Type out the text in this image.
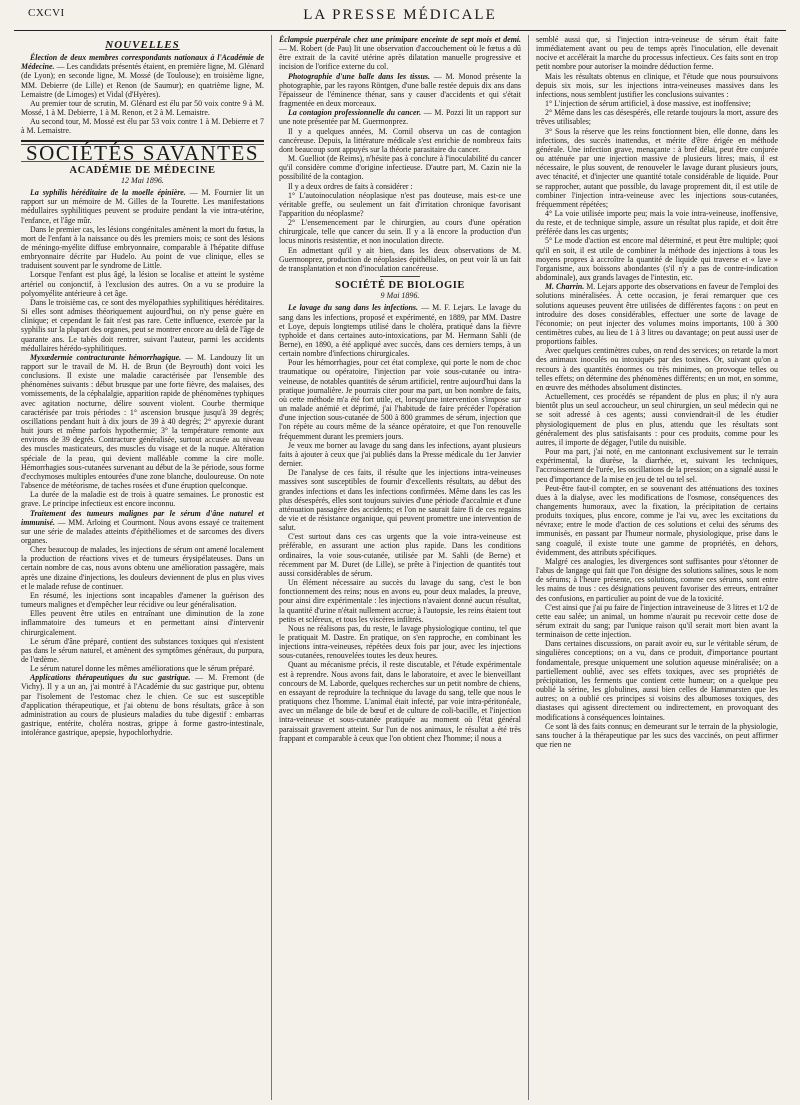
CXCVI	LA PRESSE MÉDICALE
NOUVELLES

Élection de deux membres correspondants nationaux à l'Académie de Médecine. — Les candidats présentés étaient, en première ligne, M. Glénard (de Lyon); en seconde ligne, M. Mossé (de Toulouse); en troisième ligne, MM. Debierre (de Lille) et Renon (de Saumur); en quatrième ligne, M. Lemaistre (de Limoges) et Vidal (d'Hyères).

Au premier tour de scrutin, M. Glénard est élu par 50 voix contre 9 à M. Mossé, 1 à M. Debierre, 1 à M. Renon, et 2 à M. Lemaistre.

Au second tour, M. Mossé est élu par 53 voix contre 1 à M. Debierre et 7 à M. Lemaistre.

SOCIÉTÉS SAVANTES
ACADÉMIE DE MÉDECINE
12 Mai 1896.

La syphilis héréditaire de la moelle épinière. — M. Fournier lit un rapport sur un mémoire de M. Gilles de la Tourette. Les manifestations médullaires syphilitiques peuvent se produire pendant la vie intra-utérine, l'enfance, et l'âge mûr.

Dans le premier cas, les lésions congénitales amènent la mort du fœtus, la mort de l'enfant à la naissance ou dès les premiers mois; ce sont des lésions de méningo-myélite diffuse embryonnaire, comparable à l'hépatite diffuse embryonnaire décrite par Hudelo. Au point de vue clinique, elles se traduisent souvent par le syndrome de Little.

Lorsque l'enfant est plus âgé, la lésion se localise et atteint le système artériel ou conjonctif, à l'exclusion des autres. On a vu se produire la polyomyélite antérieure à cet âge.

Dans le troisième cas, ce sont des myélopathies syphilitiques héréditaires. Si elles sont admises théoriquement aujourd'hui, on n'y pense guère en clinique; et cependant le fait n'est pas rare. Cette influence, exercée par la syphilis sur la plupart des organes, peut se montrer encore au delà de l'âge de quarante ans. Le tabès doit rentrer, suivant l'auteur, parmi les accidents médullaires hérédo-syphilitiques.

Myxœdermie contracturante hémorrhagique. — M. Landouzy lit un rapport sur le travail de M. H. de Brun (de Beyrouth) dont voici les conclusions. Il existe une maladie caractérisée par l'ensemble des phénomènes suivants : début brusque par une forte fièvre, des malaises, des vomissements, de la céphalalgie, apparition rapide de phénomènes typhiques avec agitation nocturne, délire souvent violent. Courbe thermique caractérisée par trois périodes : 1° ascension brusque jusqu'à 39 degrés; oscillations pendant huit à dix jours de 39 à 40 degrés; 2° apyrexie durant huit jours et même parfois hypothermie; 3° la température remonte aux environs de 39 degrés. Contracture généralisée, surtout accusée au niveau des muscles masticateurs, des muscles du visage et de la nuque. Altération spéciale de la peau, qui devient malléable comme la cire molle. Hémorrhagies sous-cutanées survenant au début de la 3e période, sous forme d'ecchymoses multiples entourées d'une zone blanche, douloureuse. On note l'absence de météorisme, de taches rosées et d'une éruption quelconque.

La durée de la maladie est de trois à quatre semaines. Le pronostic est grave. Le principe infectieux est encore inconnu.

Traitement des tumeurs malignes par le sérum d'âne naturel et immunisé. — MM. Arloing et Courmont. Nous avons essayé ce traitement sur une série de malades atteints d'épithéliomes et de sarcomes des divers organes.

Chez beaucoup de malades, les injections de sérum ont amené localement la production de réactions vives et de tumeurs érysipélateuses. Dans un certain nombre de cas, nous avons obtenu une amélioration passagère, mais après une dizaine d'injections, les douleurs deviennent de plus en plus vives et le malade refuse de continuer.

En résumé, les injections sont incapables d'amener la guérison des tumeurs malignes et d'empêcher leur récidive ou leur généralisation.

Elles peuvent être utiles en entraînant une diminution de la zone inflammatoire des tumeurs et en permettant ainsi d'intervenir chirurgicalement.

Le sérum d'âne préparé, contient des substances toxiques qui n'existent pas dans le sérum naturel, et amènent des symptômes généraux, du purpura, de l'œdème.

Le sérum naturel donne les mêmes améliorations que le sérum préparé.

Applications thérapeutiques du suc gastrique. — M. Fremont (de Vichy). Il y a un an, j'ai montré à l'Académie du suc gastrique pur, obtenu par l'isolement de l'estomac chez le chien. Ce suc est susceptible d'application thérapeutique, et j'ai obtenu de bons résultats, grâce à son administration au cours de plusieurs maladies du tube digestif : embarras gastrique, entérite, choléra nostras, grippe à forme gastro-intestinale, intolérance gastrique, apepsie, hypochlorhydrie.

Éclampsie puerpérale chez une primipare enceinte de sept mois et demi. — M. Robert (de Pau) lit une observation d'accouchement où le fœtus a dû être extrait de la cavité utérine après dilatation manuelle progressive et incision de l'orifice externe du col.

Photographie d'une balle dans les tissus. — M. Monod présente la photographie, par les rayons Röntgen, d'une balle restée depuis dix ans dans l'épaisseur de l'éminence thénar, sans y causer d'accidents et qui s'était fragmentée en deux morceaux.

La contagion professionnelle du cancer. — M. Pozzi lit un rapport sur une note présentée par M. Guermonprez.

Il y a quelques années, M. Cornil observa un cas de contagion cancéreuse. Depuis, la littérature médicale s'est enrichie de nombreux faits dont beaucoup sont appuyés sur la théorie parasitaire du cancer.

M. Guelliot (de Reims), n'hésite pas à conclure à l'inoculabilité du cancer qu'il considère comme d'origine infectieuse. D'autre part, M. Cazin nie la possibilité de la contagion.

Il y a deux ordres de faits à considérer :

1° L'autoinoculation néoplasique n'est pas douteuse, mais est-ce une véritable greffe, ou seulement un fait d'irritation chronique favorisant l'apparition du néoplasme?

2° L'ensemencement par le chirurgien, au cours d'une opération chirurgicale, telle que cancer du sein. Il y a là encore la production d'un locus minoris resistentiæ, et non inoculation directe.

En admettant qu'il y ait bien, dans les deux observations de M. Guermonprez, production de néoplasies épithéliales, on peut voir là un fait de transplantation et non d'inoculation cancéreuse.

SOCIÉTÉ DE BIOLOGIE
9 Mai 1896.

Le lavage du sang dans les infections. — M. F. Lejars. Le lavage du sang dans les infections, proposé et expérimenté, en 1889, par MM. Dastre et Loye, depuis longtemps utilisé dans le choléra, pratiqué dans la fièvre typhoïde et dans certaines auto-intoxications, par M. Hermann Sahli (de Berne), en 1890, a été appliqué avec succès, dans ces derniers temps, à un certain nombre d'infections chirurgicales.

Pour les hémorrhagies, pour cet état complexe, qui porte le nom de choc traumatique ou opératoire, l'injection par voie sous-cutanée ou intra-veineuse, de notables quantités de sérum artificiel, rentre aujourd'hui dans la pratique journalière. Je pourrais citer pour ma part, un bon nombre de faits, où cette méthode m'a été fort utile, et, lorsqu'une intervention s'impose sur un malade anémié et déprimé, j'ai l'habitude de faire précéder l'opération d'une injection sous-cutanée de 500 à 800 grammes de sérum, injection que l'on répète au cours même de la séance opératoire, et que l'on renouvelle fréquemment durant les premiers jours.

Je veux me borner au lavage du sang dans les infections, ayant plusieurs faits à ajouter à ceux que j'ai publiés dans la Presse médicale du 1er Janvier dernier.

De l'analyse de ces faits, il résulte que les injections intra-veineuses massives sont susceptibles de fournir d'excellents résultats, au début des grandes infections et dans les infections confirmées. Même dans les cas les plus désespérés, elles sont toujours suivies d'une période d'accalmie et d'une atténuation passagère des accidents; et l'on ne saurait faire fi de ces regains de vie et de résistance organique, qui peuvent promettre une intervention de salut.

C'est surtout dans ces cas urgents que la voie intra-veineuse est préférable, en assurant une action plus rapide. Dans les conditions ordinaires, la voie sous-cutanée, utilisée par M. Sahli (de Berne) et récemment par M. Duret (de Lille), se prête à l'injection de quantités tout aussi considérables de sérum.

Un élément nécessaire au succès du lavage du sang, c'est le bon fonctionnement des reins; nous en avons eu, pour deux malades, la preuve, pour ainsi dire expérimentale : les injections n'avaient donné aucun résultat, la quantité d'urine n'était nullement accrue; à l'autopsie, les reins étaient tout petits et scléreux, et tous les viscères infiltrés.

Nous ne réalisons pas, du reste, le lavage physiologique continu, tel que le pratiquait M. Dastre. En pratique, on s'en rapproche, en combinant les injections intra-veineuses, répétées deux fois par jour, avec les injections sous-cutanées, renouvelées toutes les deux heures.

Quant au mécanisme précis, il reste discutable, et l'étude expérimentale est à reprendre. Nous avons fait, dans le laboratoire, et avec le bienveillant concours de M. Laborde, quelques recherches sur un petit nombre de chiens, en essayant de reproduire la technique du lavage du sang, telle que nous le pratiquons chez l'homme. L'animal était infecté, par voie intra-péritonéale, avec un mélange de bile de bœuf et de culture de coli-bacille, et l'injection intra-veineuse et sous-cutanée pratiquée au moment où l'état général paraissait gravement atteint. Sur l'un de nos animaux, le résultat a été très frappant et comparable à ceux que l'on obtient chez l'homme; il nous a

semblé aussi que, si l'injection intra-veineuse de sérum était faite immédiatement avant ou peu de temps après l'inoculation, elle devenait nocive et accélérait la marche du processus infectieux. Ces faits sont en trop petit nombre pour autoriser la moindre déduction ferme.

Mais les résultats obtenus en clinique, et l'étude que nous poursuivons depuis six mois, sur les injections intra-veineuses massives dans les infections, nous semblent justifier les conclusions suivantes :

1° L'injection de sérum artificiel, à dose massive, est inoffensive;

2° Même dans les cas désespérés, elle retarde toujours la mort, assure des trêves utilisables;

3° Sous la réserve que les reins fonctionnent bien, elle donne, dans les infections, des succès inattendus, et mérite d'être érigée en méthode générale. Une infection grave, menaçante : à bref délai, peut être conjurée ou atténuée par une injection massive de plusieurs litres; mais, il est nécessaire, le plus souvent, de renouveler le lavage durant plusieurs jours, avec ténacité, et d'injecter une quantité totale considérable de liquide. Pour se rapprocher, autant que possible, du lavage proprement dit, il est utile de combiner l'injection intra-veineuse avec les injections sous-cutanées, fréquemment répétées;

4° La voie utilisée importe peu; mais la voie intra-veineuse, inoffensive, du reste, et de technique simple, assure un résultat plus rapide, et doit être préférée dans les cas urgents;

5° Le mode d'action est encore mal déterminé, et peut être multiple; quoi qu'il en soit, il est utile de combiner la méthode des injections à tous les moyens propres à accroître la quantité de liquide qui traverse et « lave » l'organisme, aux boissons abondantes (s'il n'y a pas de contre-indication abdominale), aux grands lavages de l'intestin, etc.

M. Charrin. M. Lejars apporte des observations en faveur de l'emploi des solutions minéralisées. À cette occasion, je ferai remarquer que ces solutions aqueuses peuvent être utilisées de différentes façons : on peut en introduire des doses considérables, effectuer une sorte de lavage de l'économie; on peut injecter des volumes moins importants, 100 à 300 centimètres cubes, au lieu de 1 à 3 litres ou davantage; on peut aussi user de proportions faibles.

Avec quelques centimètres cubes, on rend des services; on retarde la mort des animaux inoculés ou intoxiqués par des toxines. Or, suivant qu'on a recours à des quantités énormes ou très minimes, on provoque telles ou telles effets; on détermine des phénomènes différents; en un mot, en somme, en œuvre des méthodes absolument distinctes.

Actuellement, ces procédés se répandent de plus en plus; il n'y aura bientôt plus un seul accoucheur, un seul chirurgien, un seul médecin qui ne se soit adressé à ces agents; aussi conviendrait-il de les étudier physiologiquement de plus en plus, attendu que les résultats sont généralement des plus satisfaisants : pour ces produits, comme pour les autres, il importe de dégager, l'utile du nuisible.

Pour ma part, j'ai noté, en me cantonnant exclusivement sur le terrain expérimental, la diurèse, la diarrhée, et, suivant les techniques, l'accroissement de l'urée, les oscillations de la pression; on a signalé aussi le peu d'importance de la mise en jeu de tel ou tel sel.

Peut-être faut-il compter, en se souvenant des atténuations des toxines dues à la dialyse, avec les modifications de l'osmose, conséquences des changements humoraux, avec la fixation, la précipitation de certains produits toxiques, plus encore, comme je l'ai vu, avec les excitations du névraxe; entre le mode d'action de ces solutions et celui des sérums des immunisés, en passant par l'humeur normale, physiologique, prise dans le sang coagulé, il existe toute une gamme de propriétés, en dehors, évidemment, des attributs spécifiques.

Malgré ces analogies, les divergences sont suffisantes pour s'étonner de l'abus de langage qui fait que l'on désigne des solutions salines, sous le nom de sérums; à l'heure présente, ces solutions, comme ces sérums, sont entre les mains de tous : ces désignations peuvent favoriser des erreurs, entraîner des confusions, en particulier au point de vue de la toxicité.

C'est ainsi que j'ai pu faire de l'injection intraveineuse de 3 litres et 1/2 de cette eau salée; un animal, un homme n'aurait pu recevoir cette dose de sérum extrait du sang; par l'unique raison qu'il serait mort bien avant la terminaison de cette injection.

Dans certaines discussions, on parait avoir eu, sur le véritable sérum, de singulières conceptions; on a vu, dans ce produit, d'importance pourtant fondamentale, presque uniquement une solution aqueuse minéralisée; on a partiellement oublié, avec ses effets toxiques, avec ses propriétés de précipitation, les ferments que contient cette humeur; on a quelque peu oublié la sérine, les globulines, aussi bien celles de Hammarsten que les autres; on a oublié ces principes si voisins des albumoses toxiques, des diastases qui agissent directement ou indirectement, en provoquant des modifications à conséquences lointaines.

Ce sont là des faits connus; en demeurant sur le terrain de la physiologie, sans toucher à la thérapeutique par les sucs des vaccinés, on peut affirmer que rien ne
